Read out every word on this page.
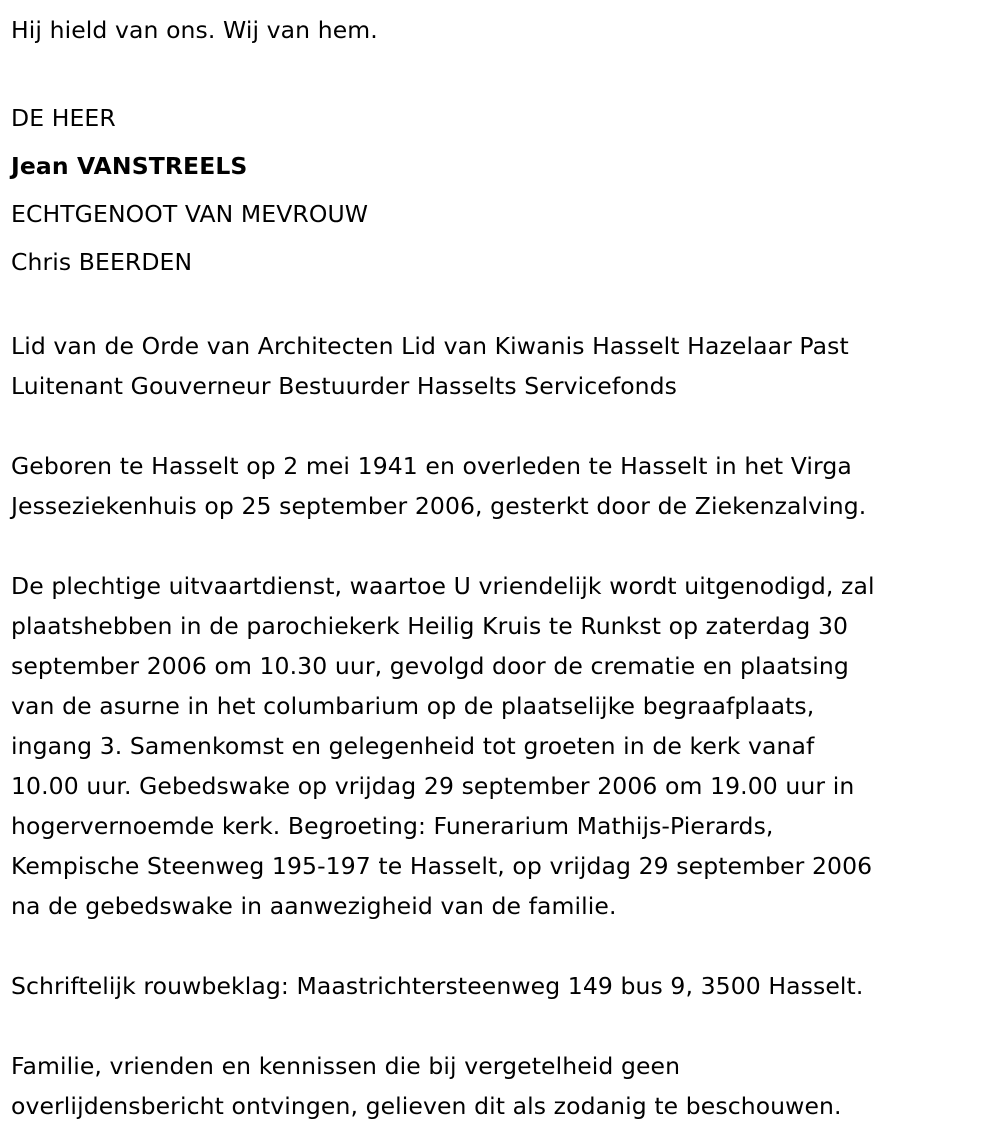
Hij hield van ons. Wij van hem.

DE HEER
Jean VANSTREELS
ECHTGENOOT VAN MEVROUW
Chris BEERDEN

Lid van de Orde van Architecten Lid van Kiwanis Hasselt Hazelaar Past
Luitenant Gouverneur Bestuurder Hasselts Servicefonds

Geboren te Hasselt op 2 mei 1941 en overleden te Hasselt in het Virga
Jesseziekenhuis op 25 september 2006, gesterkt door de Ziekenzalving.

De plechtige uitvaartdienst, waartoe U vriendelijk wordt uitgenodigd, zal
plaatshebben in de parochiekerk Heilig Kruis te Runkst op zaterdag 30
september 2006 om 10.30 uur, gevolgd door de crematie en plaatsing
van de asurne in het columbarium op de plaatselijke begraafplaats,
ingang 3. Samenkomst en gelegenheid tot groeten in de kerk vanaf
10.00 uur. Gebedswake op vrijdag 29 september 2006 om 19.00 uur in
hogervernoemde kerk. Begroeting: Funerarium Mathijs-Pierards,
Kempische Steenweg 195-197 te Hasselt, op vrijdag 29 september 2006
na de gebedswake in aanwezigheid van de familie.

Schriftelijk rouwbeklag: Maastrichtersteenweg 149 bus 9, 3500 Hasselt.

Familie, vrienden en kennissen die bij vergetelheid geen
overlijdensbericht ontvingen, gelieven dit als zodanig te beschouwen.
